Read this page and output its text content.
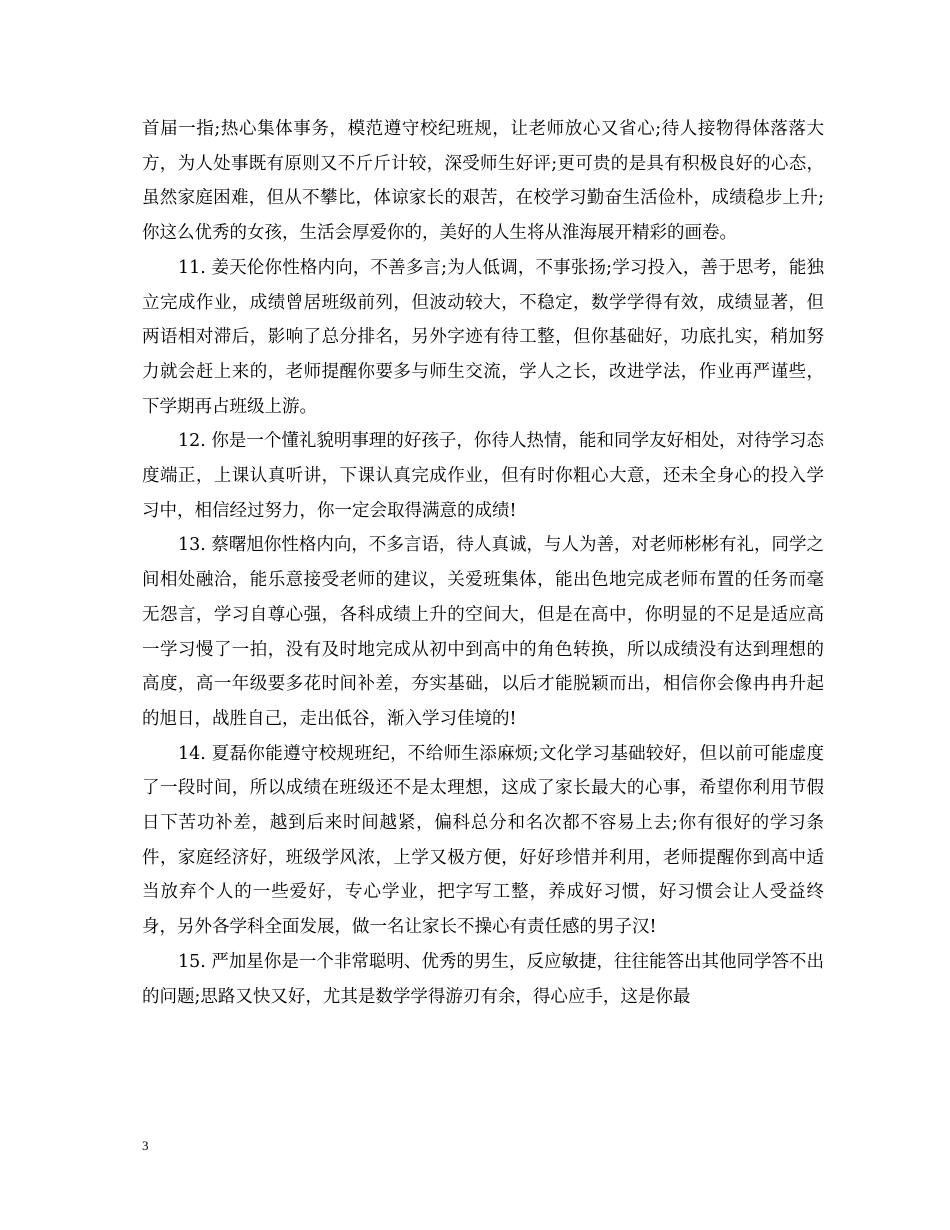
首届一指;热心集体事务，模范遵守校纪班规，让老师放心又省心;待人接物得体落落大方，为人处事既有原则又不斤斤计较，深受师生好评;更可贵的是具有积极良好的心态，虽然家庭困难，但从不攀比，体谅家长的艰苦，在校学习勤奋生活俭朴，成绩稳步上升;你这么优秀的女孩，生活会厚爱你的，美好的人生将从淮海展开精彩的画卷。

11. 姜天伦你性格内向，不善多言;为人低调，不事张扬;学习投入，善于思考，能独立完成作业，成绩曾居班级前列，但波动较大，不稳定，数学学得有效，成绩显著，但两语相对滞后，影响了总分排名，另外字迹有待工整，但你基础好，功底扎实，稍加努力就会赶上来的，老师提醒你要多与师生交流，学人之长，改进学法，作业再严谨些，下学期再占班级上游。

12. 你是一个懂礼貌明事理的好孩子，你待人热情，能和同学友好相处，对待学习态度端正，上课认真听讲，下课认真完成作业，但有时你粗心大意，还未全身心的投入学习中，相信经过努力，你一定会取得满意的成绩!

13. 蔡曙旭你性格内向，不多言语，待人真诚，与人为善，对老师彬彬有礼，同学之间相处融洽，能乐意接受老师的建议，关爱班集体，能出色地完成老师布置的任务而毫无怨言，学习自尊心强，各科成绩上升的空间大，但是在高中，你明显的不足是适应高一学习慢了一拍，没有及时地完成从初中到高中的角色转换，所以成绩没有达到理想的高度，高一年级要多花时间补差，夯实基础，以后才能脱颖而出，相信你会像冉冉升起的旭日，战胜自己，走出低谷，渐入学习佳境的!

14. 夏磊你能遵守校规班纪，不给师生添麻烦;文化学习基础较好，但以前可能虚度了一段时间，所以成绩在班级还不是太理想，这成了家长最大的心事，希望你利用节假日下苦功补差，越到后来时间越紧，偏科总分和名次都不容易上去;你有很好的学习条件，家庭经济好，班级学风浓，上学又极方便，好好珍惜并利用，老师提醒你到高中适当放弃个人的一些爱好，专心学业，把字写工整，养成好习惯，好习惯会让人受益终身，另外各学科全面发展，做一名让家长不操心有责任感的男子汉!

15. 严加星你是一个非常聪明、优秀的男生，反应敏捷，往往能答出其他同学答不出的问题;思路又快又好，尤其是数学学得游刃有余，得心应手，这是你最

3
